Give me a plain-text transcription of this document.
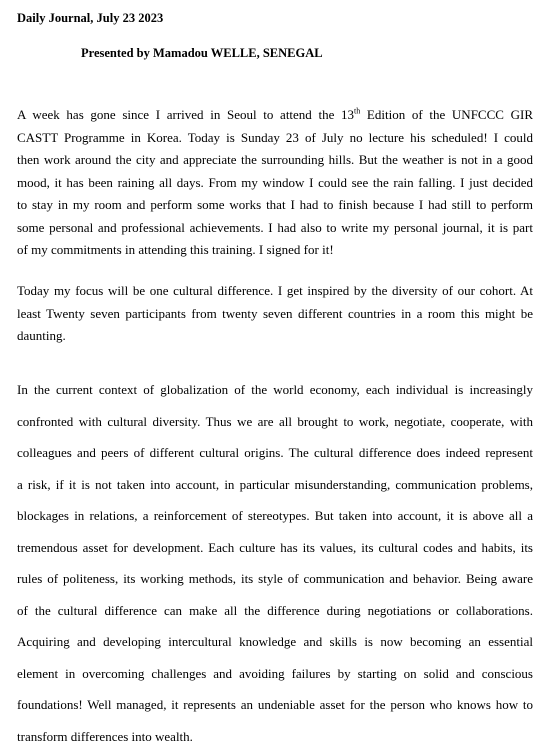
Daily Journal, July 23 2023
Presented by Mamadou WELLE, SENEGAL

A week has gone since I arrived in Seoul to attend the 13th Edition of the UNFCCC GIR
CASTT Programme in Korea. Today is Sunday 23 of July no lecture his scheduled! I could
then work around the city and appreciate the surrounding hills. But the weather is not in a good
mood, it has been raining all days. From my window I could see the rain falling. I just decided
to stay in my room and perform some works that I had to finish because I had still to perform
some personal and professional achievements. I had also to write my personal journal, it is part
of my commitments in attending this training. I signed for it!

Today my focus will be one cultural difference. I get inspired by the diversity of our cohort. At
least Twenty seven participants from twenty seven different countries in a room this might be
daunting.

In the current context of globalization of the world economy, each individual is increasingly
confronted with cultural diversity. Thus we are all brought to work, negotiate, cooperate, with
colleagues and peers of different cultural origins. The cultural difference does indeed represent
a risk, if it is not taken into account, in particular misunderstanding, communication problems,
blockages in relations, a reinforcement of stereotypes. But taken into account, it is above all a
tremendous asset for development. Each culture has its values, its cultural codes and habits, its
rules of politeness, its working methods, its style of communication and behavior. Being aware
of the cultural difference can make all the difference during negotiations or collaborations.
Acquiring and developing intercultural knowledge and skills is now becoming an essential
element in overcoming challenges and avoiding failures by starting on solid and conscious
foundations! Well managed, it represents an undeniable asset for the person who knows how to
transform differences into wealth.
